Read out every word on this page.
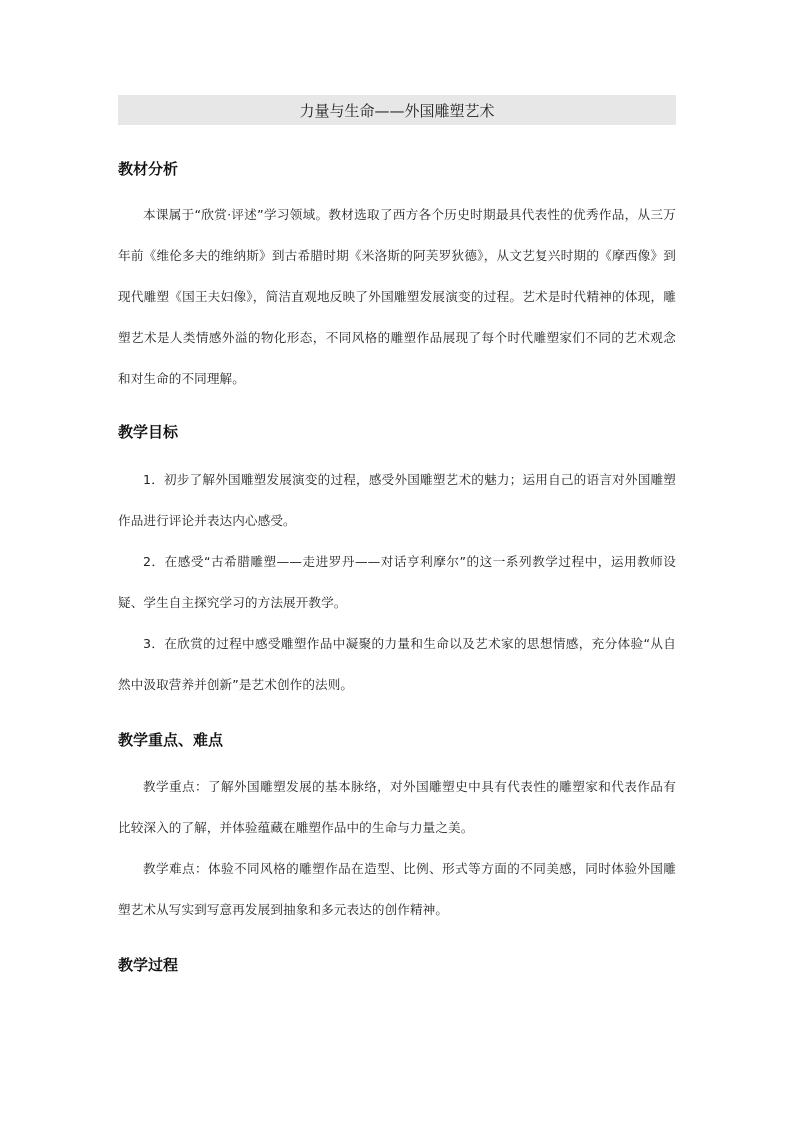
力量与生命——外国雕塑艺术
教材分析

本课属于“欣赏·评述”学习领域。教材选取了西方各个历史时期最具代表性的优秀作品，从三万年前《维伦多夫的维纳斯》到古希腊时期《米洛斯的阿芙罗狄德》，从文艺复兴时期的《摩西像》到现代雕塑《国王夫妇像》，简洁直观地反映了外国雕塑发展演变的过程。艺术是时代精神的体现，雕塑艺术是人类情感外溢的物化形态，不同风格的雕塑作品展现了每个时代雕塑家们不同的艺术观念和对生命的不同理解。

教学目标

1．初步了解外国雕塑发展演变的过程，感受外国雕塑艺术的魅力；运用自己的语言对外国雕塑作品进行评论并表达内心感受。

2．在感受“古希腊雕塑——走进罗丹——对话亨利摩尔”的这一系列教学过程中，运用教师设疑、学生自主探究学习的方法展开教学。

3．在欣赏的过程中感受雕塑作品中凝聚的力量和生命以及艺术家的思想情感，充分体验“从自然中汲取营养并创新”是艺术创作的法则。

教学重点、难点

教学重点：了解外国雕塑发展的基本脉络，对外国雕塑史中具有代表性的雕塑家和代表作品有比较深入的了解，并体验蕴藏在雕塑作品中的生命与力量之美。

教学难点：体验不同风格的雕塑作品在造型、比例、形式等方面的不同美感，同时体验外国雕塑艺术从写实到写意再发展到抽象和多元表达的创作精神。

教学过程
